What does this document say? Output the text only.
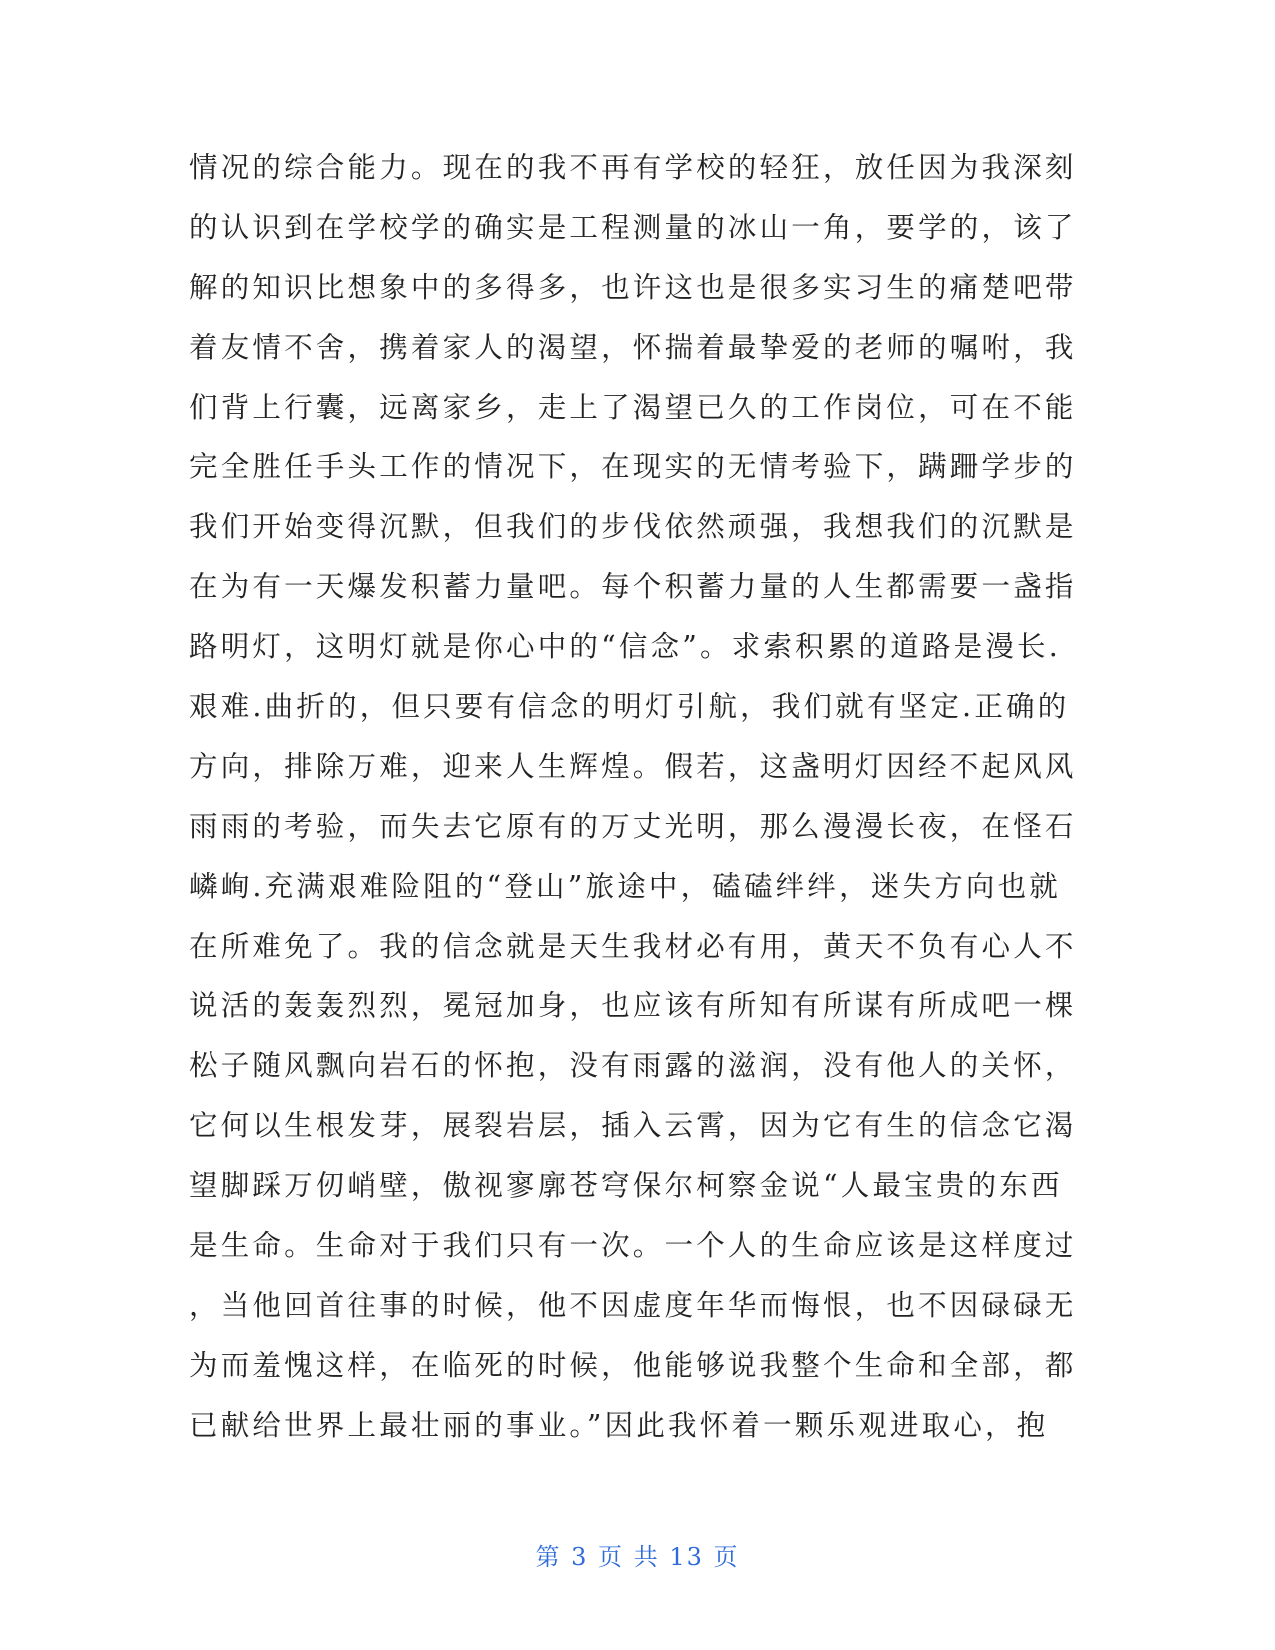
情况的综合能力。现在的我不再有学校的轻狂，放任因为我深刻
的认识到在学校学的确实是工程测量的冰山一角，要学的，该了
解的知识比想象中的多得多，也许这也是很多实习生的痛楚吧带
着友情不舍，携着家人的渴望，怀揣着最挚爱的老师的嘱咐，我
们背上行囊，远离家乡，走上了渴望已久的工作岗位，可在不能
完全胜任手头工作的情况下，在现实的无情考验下，蹒跚学步的
我们开始变得沉默，但我们的步伐依然顽强，我想我们的沉默是
在为有一天爆发积蓄力量吧。每个积蓄力量的人生都需要一盏指
路明灯，这明灯就是你心中的“信念”。求索积累的道路是漫长.
艰难.曲折的，但只要有信念的明灯引航，我们就有坚定.正确的
方向，排除万难，迎来人生辉煌。假若，这盏明灯因经不起风风
雨雨的考验，而失去它原有的万丈光明，那么漫漫长夜，在怪石
嶙峋.充满艰难险阻的“登山”旅途中，磕磕绊绊，迷失方向也就
在所难免了。我的信念就是天生我材必有用，黄天不负有心人不
说活的轰轰烈烈，冕冠加身，也应该有所知有所谋有所成吧一棵
松子随风飘向岩石的怀抱，没有雨露的滋润，没有他人的关怀，
它何以生根发芽，展裂岩层，插入云霄，因为它有生的信念它渴
望脚踩万仞峭壁，傲视寥廓苍穹保尔柯察金说“人最宝贵的东西
是生命。生命对于我们只有一次。一个人的生命应该是这样度过
，当他回首往事的时候，他不因虚度年华而悔恨，也不因碌碌无
为而羞愧这样，在临死的时候，他能够说我整个生命和全部，都
已献给世界上最壮丽的事业。”因此我怀着一颗乐观进取心，抱
第 3 页 共 13 页
